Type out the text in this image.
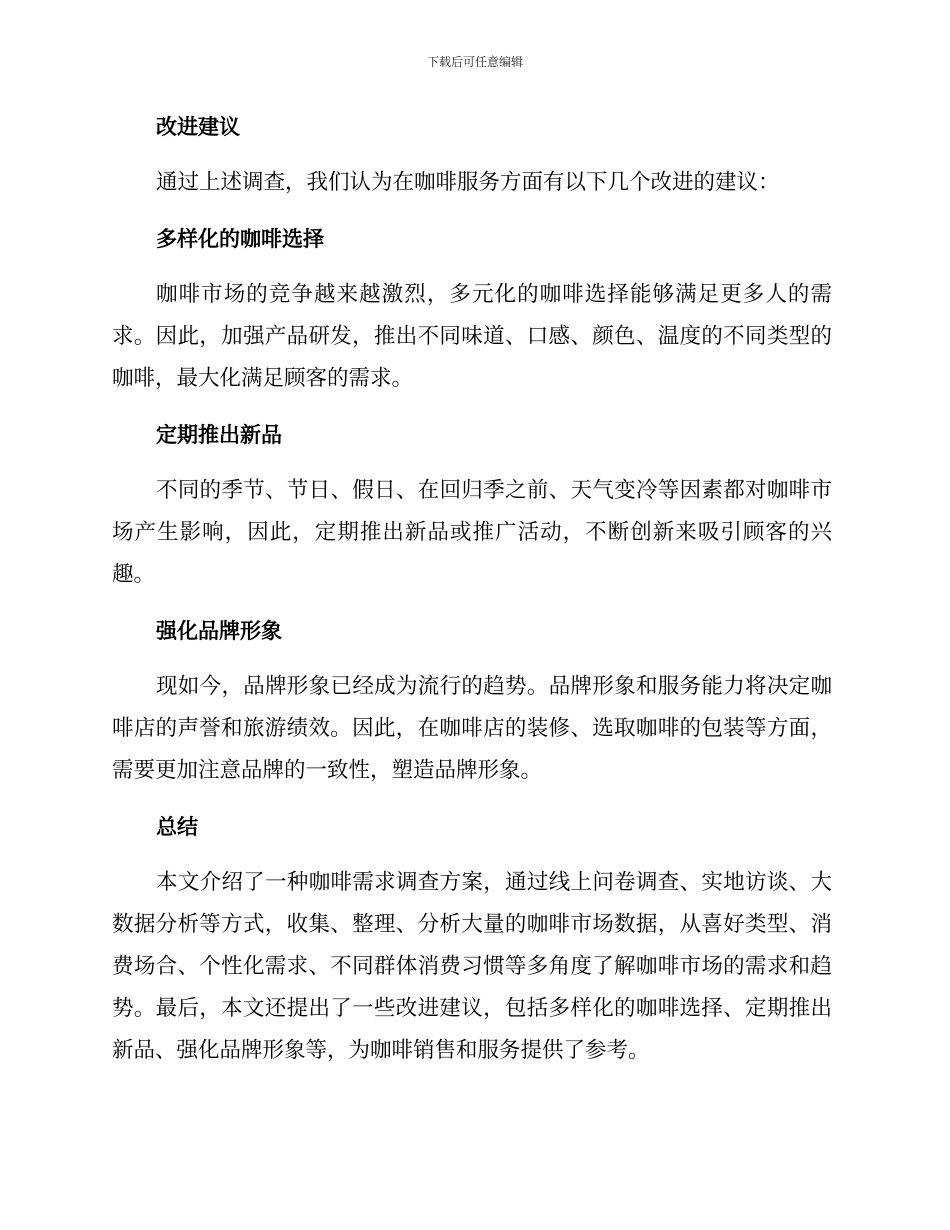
下载后可任意编辑
改进建议

通过上述调查，我们认为在咖啡服务方面有以下几个改进的建议：

多样化的咖啡选择

咖啡市场的竞争越来越激烈，多元化的咖啡选择能够满足更多人的需求。因此，加强产品研发，推出不同味道、口感、颜色、温度的不同类型的咖啡，最大化满足顾客的需求。

定期推出新品

不同的季节、节日、假日、在回归季之前、天气变冷等因素都对咖啡市场产生影响，因此，定期推出新品或推广活动，不断创新来吸引顾客的兴趣。

强化品牌形象

现如今，品牌形象已经成为流行的趋势。品牌形象和服务能力将决定咖啡店的声誉和旅游绩效。因此，在咖啡店的装修、选取咖啡的包装等方面，需要更加注意品牌的一致性，塑造品牌形象。

总结

本文介绍了一种咖啡需求调查方案，通过线上问卷调查、实地访谈、大数据分析等方式，收集、整理、分析大量的咖啡市场数据，从喜好类型、消费场合、个性化需求、不同群体消费习惯等多角度了解咖啡市场的需求和趋势。最后，本文还提出了一些改进建议，包括多样化的咖啡选择、定期推出新品、强化品牌形象等，为咖啡销售和服务提供了参考。
